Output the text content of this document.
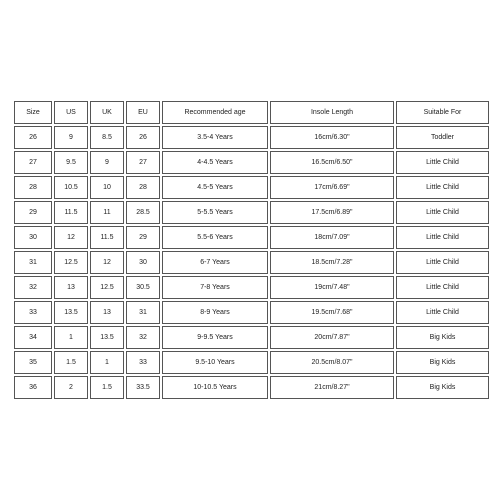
Size	US	UK	EU	Recommended age	Insole Length	Suitable For
26	9	8.5	26	3.5-4 Years	16cm/6.30"	Toddler
27	9.5	9	27	4-4.5 Years	16.5cm/6.50"	Little Child
28	10.5	10	28	4.5-5 Years	17cm/6.69"	Little Child
29	11.5	11	28.5	5-5.5 Years	17.5cm/6.89"	Little Child
30	12	11.5	29	5.5-6 Years	18cm/7.09"	Little Child
31	12.5	12	30	6-7 Years	18.5cm/7.28"	Little Child
32	13	12.5	30.5	7-8 Years	19cm/7.48"	Little Child
33	13.5	13	31	8-9 Years	19.5cm/7.68"	Little Child
34	1	13.5	32	9-9.5 Years	20cm/7.87"	Big Kids
35	1.5	1	33	9.5-10 Years	20.5cm/8.07"	Big Kids
36	2	1.5	33.5	10-10.5 Years	21cm/8.27"	Big Kids
